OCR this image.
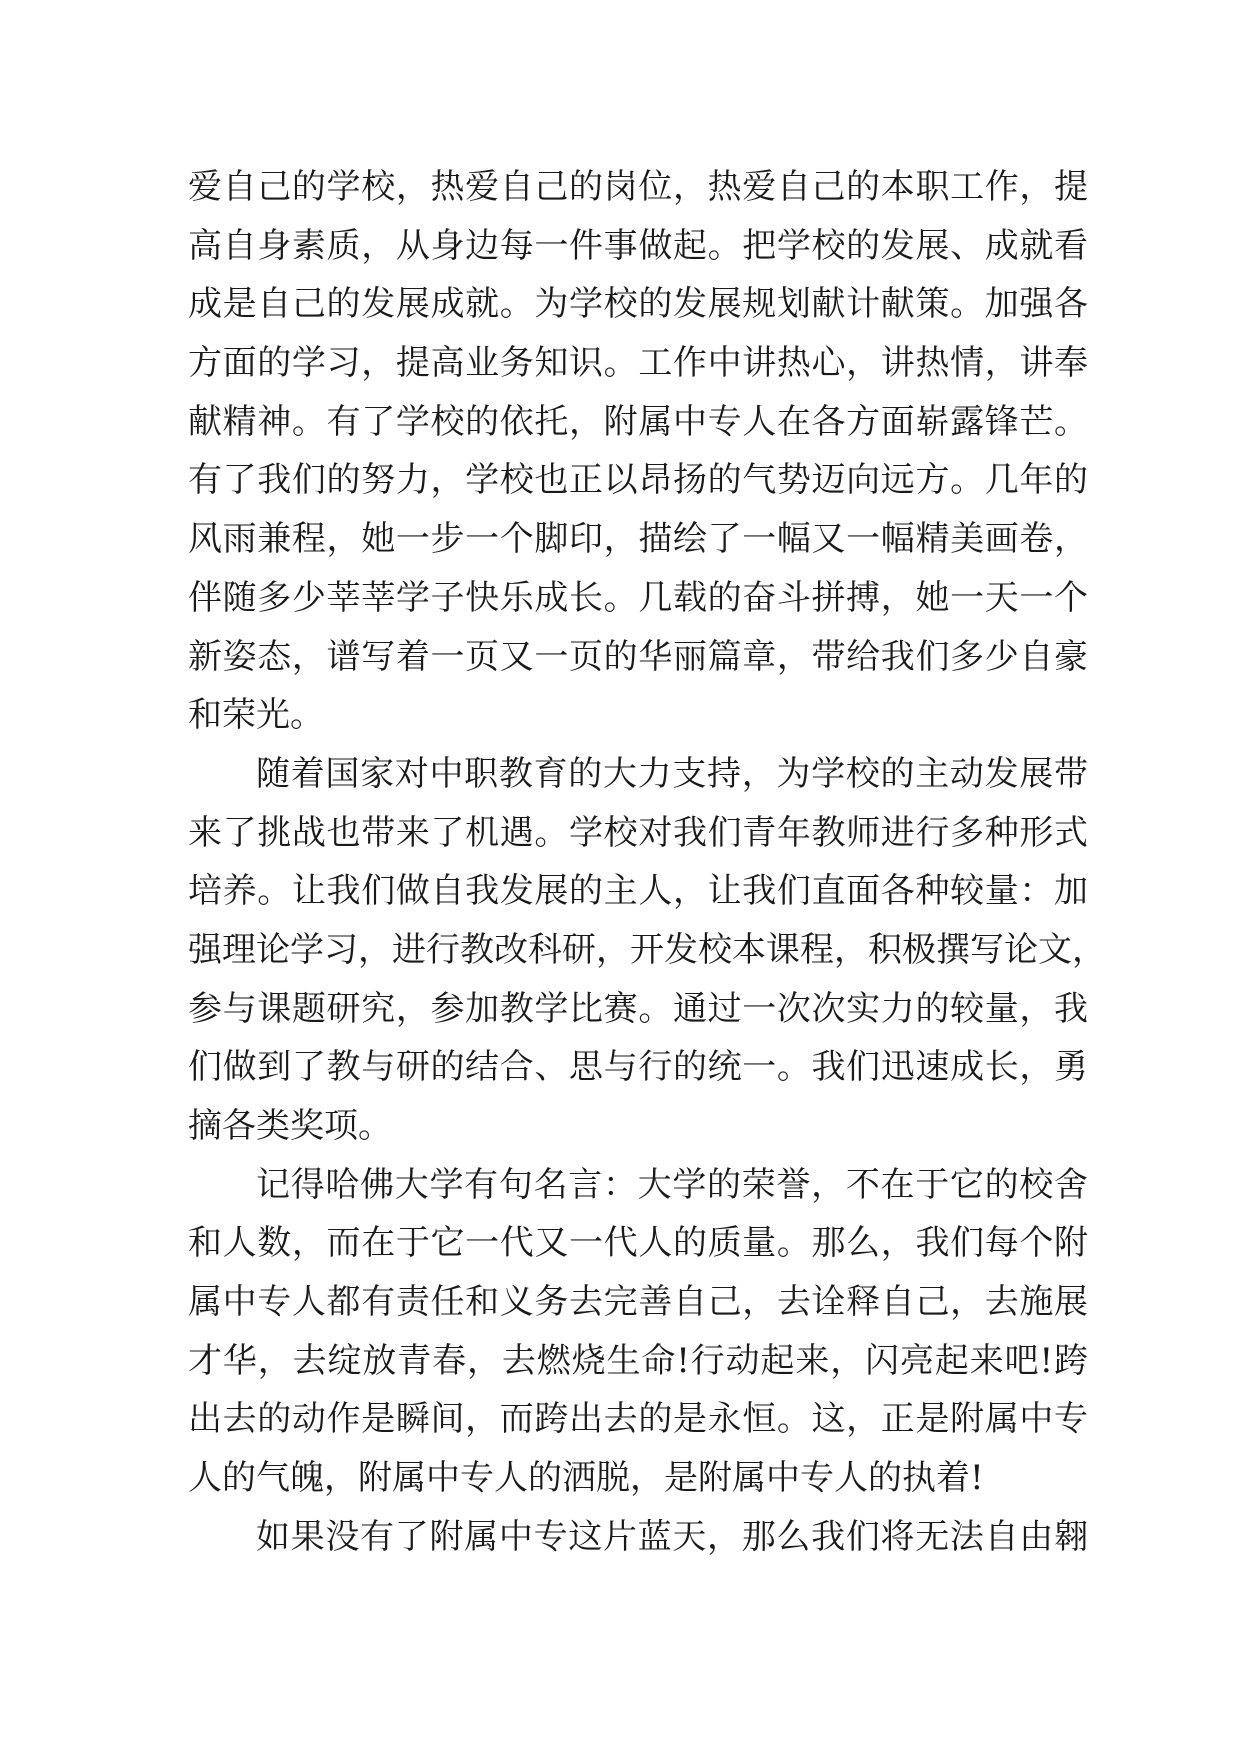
爱自己的学校，热爱自己的岗位，热爱自己的本职工作，提
高自身素质，从身边每一件事做起。把学校的发展、成就看
成是自己的发展成就。为学校的发展规划献计献策。加强各
方面的学习，提高业务知识。工作中讲热心，讲热情，讲奉
献精神。有了学校的依托，附属中专人在各方面崭露锋芒。
有了我们的努力，学校也正以昂扬的气势迈向远方。几年的
风雨兼程，她一步一个脚印，描绘了一幅又一幅精美画卷，
伴随多少莘莘学子快乐成长。几载的奋斗拼搏，她一天一个
新姿态，谱写着一页又一页的华丽篇章，带给我们多少自豪
和荣光。
随着国家对中职教育的大力支持，为学校的主动发展带
来了挑战也带来了机遇。学校对我们青年教师进行多种形式
培养。让我们做自我发展的主人，让我们直面各种较量：加
强理论学习，进行教改科研，开发校本课程，积极撰写论文，
参与课题研究，参加教学比赛。通过一次次实力的较量，我
们做到了教与研的结合、思与行的统一。我们迅速成长，勇
摘各类奖项。
记得哈佛大学有句名言：大学的荣誉，不在于它的校舍
和人数，而在于它一代又一代人的质量。那么，我们每个附
属中专人都有责任和义务去完善自己，去诠释自己，去施展
才华，去绽放青春，去燃烧生命!行动起来，闪亮起来吧!跨
出去的动作是瞬间，而跨出去的是永恒。这，正是附属中专
人的气魄，附属中专人的洒脱，是附属中专人的执着!
如果没有了附属中专这片蓝天，那么我们将无法自由翱
